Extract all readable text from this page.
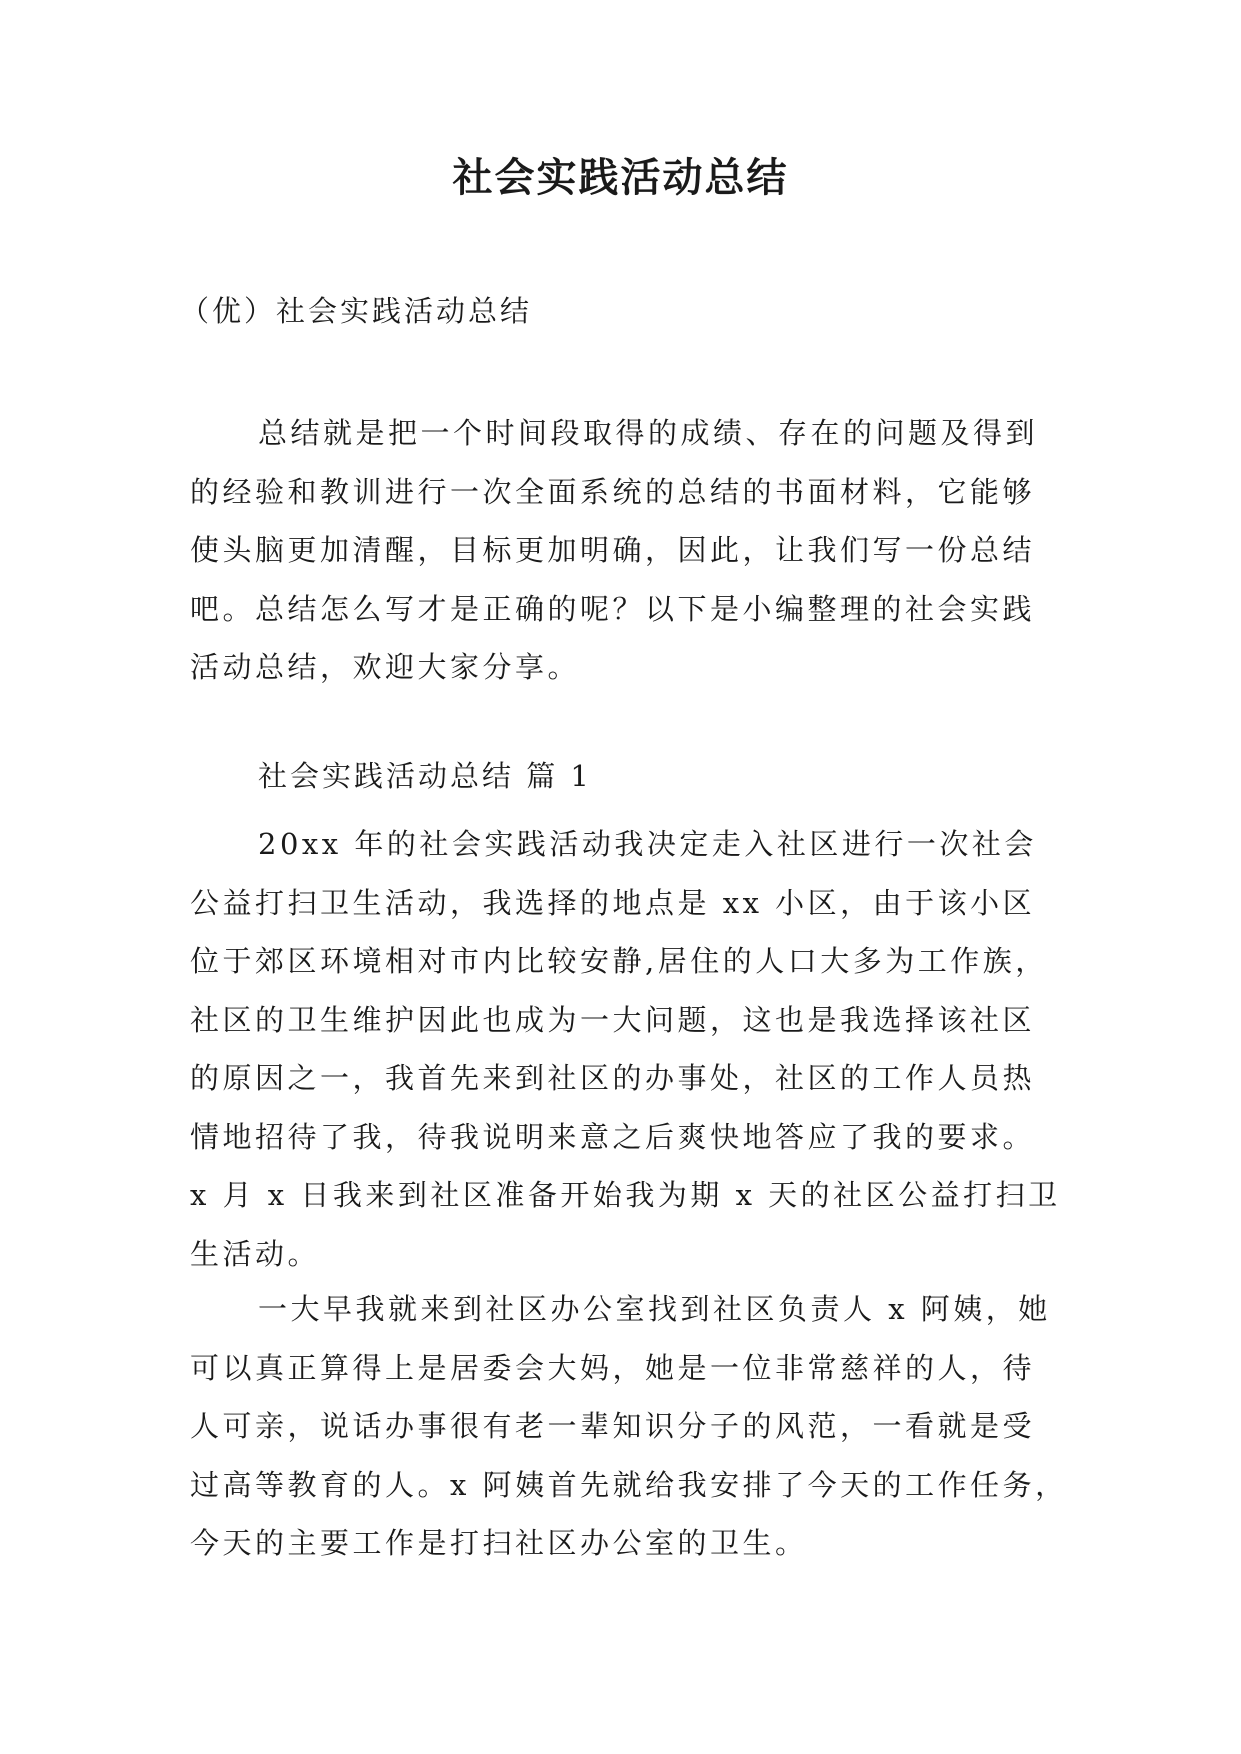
社会实践活动总结

（优）社会实践活动总结

总结就是把一个时间段取得的成绩、存在的问题及得到
的经验和教训进行一次全面系统的总结的书面材料，它能够
使头脑更加清醒，目标更加明确，因此，让我们写一份总结
吧。总结怎么写才是正确的呢？以下是小编整理的社会实践
活动总结，欢迎大家分享。

社会实践活动总结 篇 1

20xx 年的社会实践活动我决定走入社区进行一次社会
公益打扫卫生活动，我选择的地点是 xx 小区，由于该小区
位于郊区环境相对市内比较安静,居住的人口大多为工作族，
社区的卫生维护因此也成为一大问题，这也是我选择该社区
的原因之一，我首先来到社区的办事处，社区的工作人员热
情地招待了我，待我说明来意之后爽快地答应了我的要求。
x 月 x 日我来到社区准备开始我为期 x 天的社区公益打扫卫
生活动。
一大早我就来到社区办公室找到社区负责人 x 阿姨，她
可以真正算得上是居委会大妈，她是一位非常慈祥的人，待
人可亲，说话办事很有老一辈知识分子的风范，一看就是受
过高等教育的人。x 阿姨首先就给我安排了今天的工作任务，
今天的主要工作是打扫社区办公室的卫生。
